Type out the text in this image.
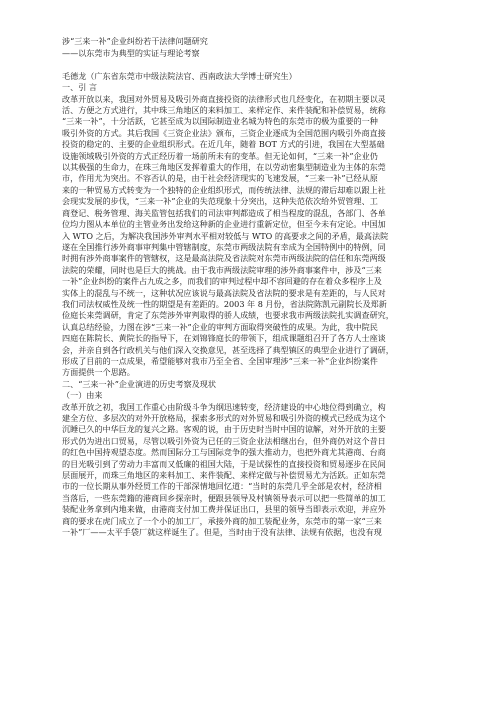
涉“三来一补”企业纠纷若干法律问题研究
——以东莞市为典型的实证与理论考察
毛德龙（广东省东莞市中级法院法官、西南政法大学博士研究生）
一、引 言
改革开放以来，我国对外贸易及吸引外商直接投资的法律形式也几经变化，在初期主要以灵
活、方便之方式进行，其中珠三角地区的来料加工、来样定作、来件装配和补偿贸易，统称
“三来一补”，十分活跃，它甚至成为以国际制造业名城为特色的东莞市的极为重要的一种
吸引外资的方式。其后我国《三资企业法》颁布，三资企业逐成为全国范围内吸引外商直接
投资的稳定的、主要的企业组织形式。在近几年，随着 BOT 方式的引进，我国在大型基础
设施领域吸引外资的方式正经历着一场前所未有的变革。但无论如何，“三来一补”企业仍
以其极强的生命力，在珠三角地区发挥着重大的作用，在以劳动密集型制造业为主体的东莞
市，作用尤为突出。不容否认的是，由于社会经济现实的飞速发展，“三来一补”已经从原
来的一种贸易方式转变为一个独特的企业组织形式，而传统法律、法规的滞后却难以跟上社
会现实发展的步伐，“三来一补”企业的失范现象十分突出，这种失范依次给外贸管理、工
商登记、税务管理、海关监管包括我们的司法审判都造成了相当程度的混乱，各部门、各单
位均力图从本单位的主管业务出发给这种新的企业进行重新定位，但至今未有定论。中国加
入 WTO 之后，为解决我国涉外审判水平相对较低与 WTO 的高要求之间的矛盾，最高法院
遂在全国推行涉外商事审判集中管辖制度，东莞市两级法院有幸成为全国特例中的特例，同
时拥有涉外商事案件的管辖权，这是最高法院及省法院对东莞市两级法院的信任和东莞两级
法院的荣耀，同时也是巨大的挑战。由于我市两级法院审理的涉外商事案件中，涉及“三来
一补”企业纠纷的案件占九成之多，而我们的审判过程中却不容回避的存在着众多程序上及
实体上的混乱与不统一，这种状况应该说与最高法院及省法院的要求是有差距的，与人民对
我们司法权威性及统一性的期望是有差距的。2003 年 8 月份，省法院陈凯元副院长及郑新
俭庭长来莞调研，肯定了东莞涉外审判取得的骄人成绩，也要求我市两级法院扎实调查研究，
认真总结经验，力图在涉“三来一补”企业的审判方面取得突破性的成果。为此，我中院民
四庭在陈院长、黄院长的指导下，在刘锦锋庭长的带领下，组成课题组召开了各方人士座谈
会，并亲自到各行政机关与他们深入交换意见，甚至选择了典型镇区的典型企业进行了调研，
形成了目前的一点成果，希望能够对我市乃至全省、全国审理涉“三来一补”企业纠纷案件
方面提供一个思路。
二、“三来一补”企业演进的历史考察及现状
（一）由来
改革开放之初，我国工作重心由阶级斗争为纲迅速转变，经济建设的中心地位得到确立，构
建全方位、多层次的对外开放格局，探索多形式的对外贸易和吸引外资的模式已经成为这个
沉睡已久的中华巨龙的复兴之路。客观的说，由于历史时当时中国的谅解，对外开放的主要
形式仍为进出口贸易，尽管以吸引外资为已任的三资企业法相继出台，但外商仍对这个昔日
的红色中国持观望态度。然而国际分工与国际竞争的强大推动力，也把外商尤其港商、台商
的目光吸引到了劳动力丰富而又低廉的祖国大陆，于是试探性的直接投资和贸易逐步在民间
层面展开，而珠三角地区的来料加工、来件装配、来样定做与补偿贸易尤为活跃。正如东莞
市的一位长期从事外经贸工作的干部深情地回忆道：“当时的东莞几乎全部是农村，经济相
当落后，一些东莞籍的港商回乡探亲时，便跟县领导及村镇领导表示可以把一些简单的加工
装配业务拿到内地来做，由港商支付加工费并保证出口，县里的领导当即表示欢迎，并应外
商的要求在虎门成立了一个小的加工厂，承接外商的加工装配业务，东莞市的第一家“三来
一补”厂——太平手袋厂就这样诞生了。但是，当时由于没有法律、法规有依据，也没有现
